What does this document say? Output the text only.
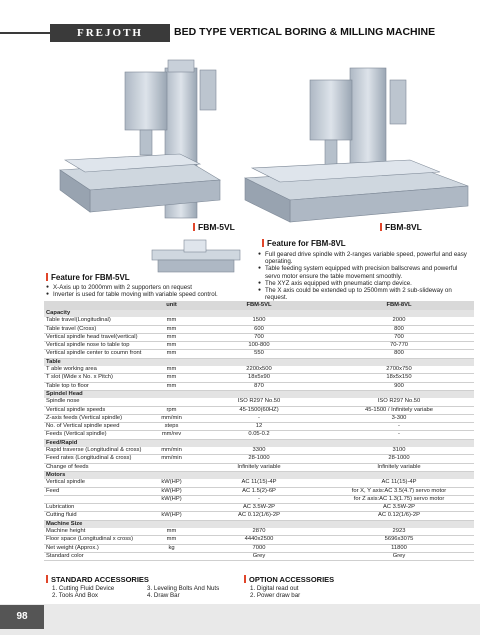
FREJOTH	BED TYPE VERTICAL BORING & MILLING MACHINE
FBM-5VL	FBM-8VL
Feature for FBM-8VL
● Full geared drive spindle with 2-ranges variable speed, powerful and easy operating.
● Table feeding system equipped with precision ballscrews and powerful servo motor ensure the table movement smoothly.
● The XYZ axis equipped with pneumatic clamp device.
● The X axis could be extended up to 2500mm with 2 sub-slideway on request.
Feature for FBM-5VL
● X-Axis up to 2000mm with 2 supporters on request
● Inverter is used for table moving with variable speed control.
	unit	FBM-5VL	FBM-8VL
Capacity			
Table travel(Longitudinal)	mm	1500	2000
Table travel (Cross)	mm	600	800
Vertical spindle head travel(vertical)	mm	700	700
Vertical spindle nose to table top	mm	100-800	70-770
Vertical spindle center to coumn front	mm	550	800
Table			
T able working area	mm	2200x500	2700x750
T slot (Wide x No. x Pitch)	mm	18x5x90	18x5x150
Table top to floor	mm	870	900
Spindel Head			
Spindle nose		ISO R297 No.50	ISO R297 No.50
Vertical spindle speeds	rpm	45-1500(60HZ)	45-1500 / Infinitely variabe
Z-axis feeds (Vertical spindle)	mm/min	-	3-300
No. of Vertical spindle speed	steps	12	-
Feeds (Vertical spindle)	mm/rev	0.05-0.2	-
Feed/Rapid			
Rapid traverse (Longitudinal & cross)	mm/min	3300	3100
Feed rates (Longitudinal & cross)	mm/min	28-1000	28-1000
Change of feeds		Infinitely variable	Infinitely variable
Motors			
Vertical spindle	kW(HP)	AC 11(15)-4P	AC 11(15)-4P
Feed	kW(HP)	AC 1.5(2)-6P	for X, Y axis:AC 3.5(4.7) servo motor
	kW(HP)	-	for Z axis:AC 1.3(1.75) servo motor
Lubrication		AC 3.5W-2P	AC 3.5W-2P
Cutting fluid	kW(HP)	AC 0.12(1/6)-2P	AC 0.12(1/6)-2P
Machine Size			
Machine height	mm	2870	2923
Floor space (Longitudinal x cross)	mm	4440x2500	5696x3075
Net weight (Approx.)	kg	7000	11800
Standard color		Grey	Grey
STANDARD ACCESSORIES
1. Cutting Fluid Device
2. Tools And Box
3. Leveling Bolts And Nuts
4. Draw Bar
OPTION ACCESSORIES
1. Digital read out
2. Power draw bar
98
